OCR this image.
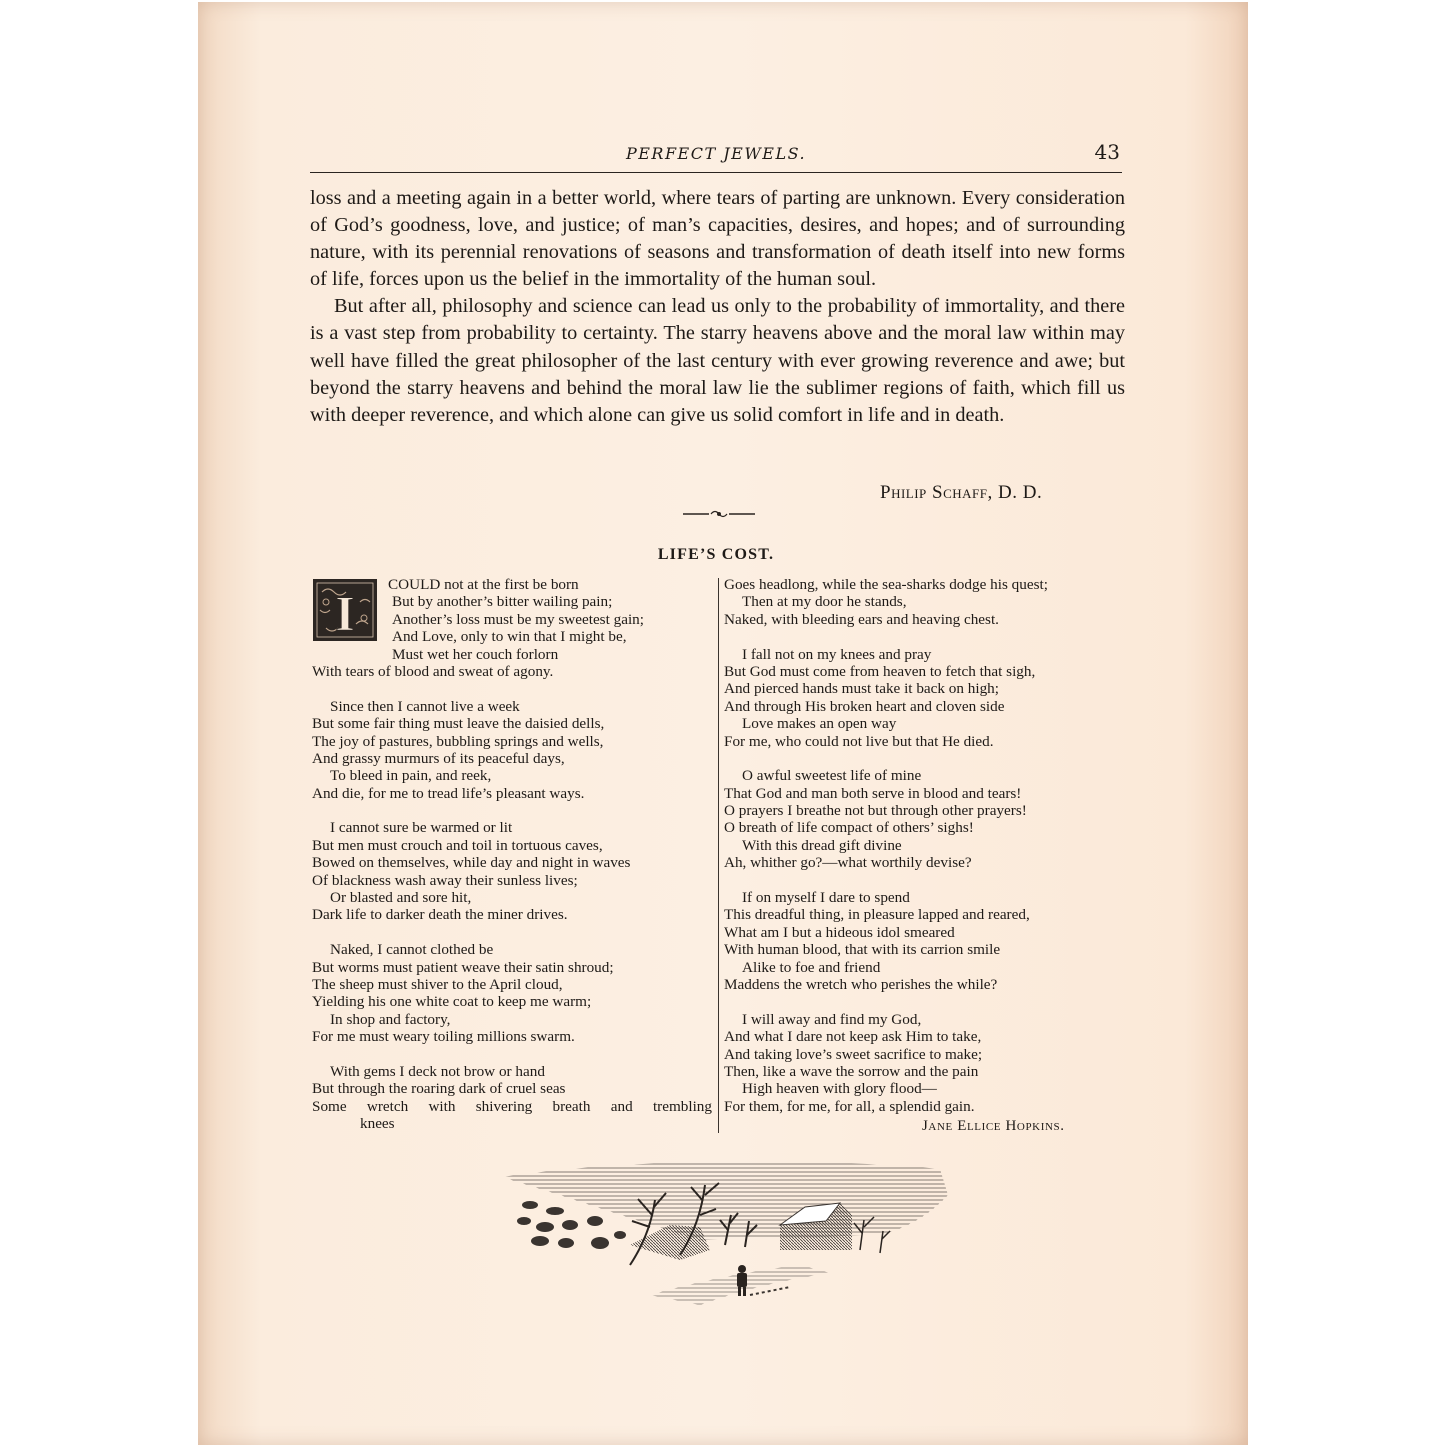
PERFECT JEWELS.	43

loss and a meeting again in a better world, where tears of parting are unknown. Every consideration of God’s goodness, love, and justice; of man’s capacities, desires, and hopes; and of surrounding nature, with its perennial renovations of seasons and transformation of death itself into new forms of life, forces upon us the belief in the immortality of the human soul.

But after all, philosophy and science can lead us only to the probability of immortality, and there is a vast step from probability to certainty. The starry heavens above and the moral law within may well have filled the great philosopher of the last century with ever growing reverence and awe; but beyond the starry heavens and behind the moral law lie the sublimer regions of faith, which fill us with deeper reverence, and which alone can give us solid comfort in life and in death.

Philip Schaff, D. D.
LIFE’S COST.
I
COULD not at the first be born
But by another’s bitter wailing pain;
Another’s loss must be my sweetest gain;
And Love, only to win that I might be,
Must wet her couch forlorn
With tears of blood and sweat of agony.
Since then I cannot live a week
But some fair thing must leave the daisied dells,
The joy of pastures, bubbling springs and wells,
And grassy murmurs of its peaceful days,
To bleed in pain, and reek,
And die, for me to tread life’s pleasant ways.
I cannot sure be warmed or lit
But men must crouch and toil in tortuous caves,
Bowed on themselves, while day and night in waves
Of blackness wash away their sunless lives;
Or blasted and sore hit,
Dark life to darker death the miner drives.
Naked, I cannot clothed be
But worms must patient weave their satin shroud;
The sheep must shiver to the April cloud,
Yielding his one white coat to keep me warm;
In shop and factory,
For me must weary toiling millions swarm.
With gems I deck not brow or hand
But through the roaring dark of cruel seas
Some wretch with shivering breath and trembling
knees
Goes headlong, while the sea-sharks dodge his quest;
Then at my door he stands,
Naked, with bleeding ears and heaving chest.
I fall not on my knees and pray
But God must come from heaven to fetch that sigh,
And pierced hands must take it back on high;
And through His broken heart and cloven side
Love makes an open way
For me, who could not live but that He died.
O awful sweetest life of mine
That God and man both serve in blood and tears!
O prayers I breathe not but through other prayers!
O breath of life compact of others’ sighs!
With this dread gift divine
Ah, whither go?—what worthily devise?
If on myself I dare to spend
This dreadful thing, in pleasure lapped and reared,
What am I but a hideous idol smeared
With human blood, that with its carrion smile
Alike to foe and friend
Maddens the wretch who perishes the while?
I will away and find my God,
And what I dare not keep ask Him to take,
And taking love’s sweet sacrifice to make;
Then, like a wave the sorrow and the pain
High heaven with glory flood—
For them, for me, for all, a splendid gain.
Jane Ellice Hopkins.
